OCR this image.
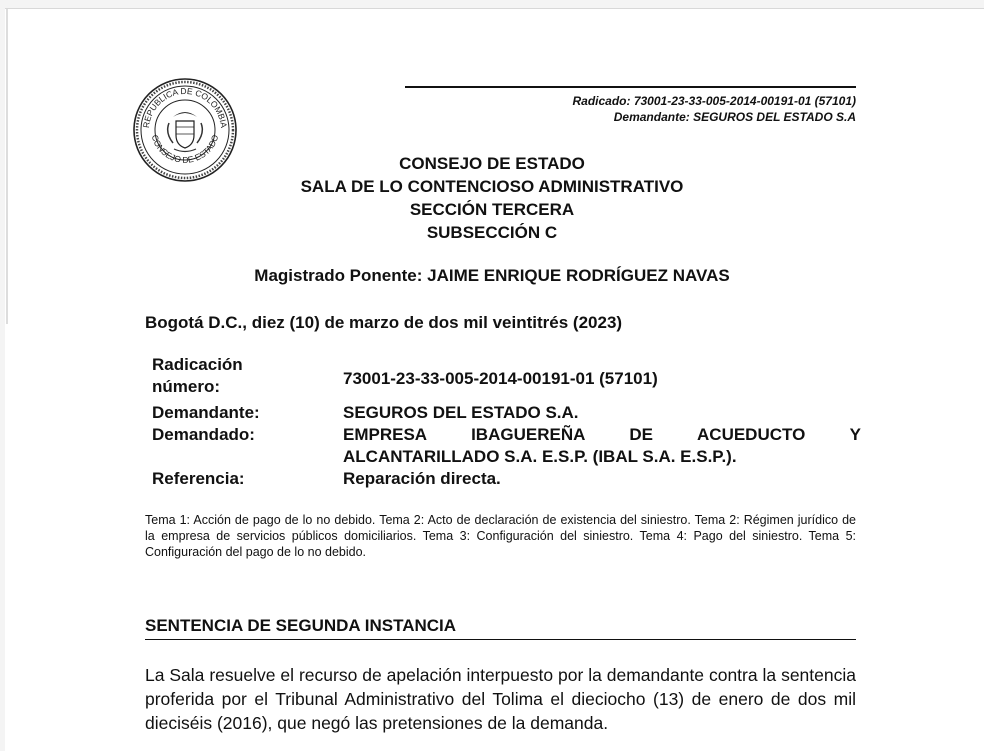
REPUBLICA DE COLOMBIA
CONSEJO DE ESTADO
Radicado: 73001-23-33-005-2014-00191-01 (57101)
Demandante: SEGUROS DEL ESTADO S.A
CONSEJO DE ESTADO
SALA DE LO CONTENCIOSO ADMINISTRATIVO
SECCIÓN TERCERA
SUBSECCIÓN C
Magistrado Ponente: JAIME ENRIQUE RODRÍGUEZ NAVAS
Bogotá D.C., diez (10) de marzo de dos mil veintitrés (2023)
Radicación
número:	73001-23-33-005-2014-00191-01 (57101)
Demandante:	SEGUROS DEL ESTADO S.A.
Demandado:	EMPRESA IBAGUEREÑA DE ACUEDUCTO Y
ALCANTARILLADO S.A. E.S.P. (IBAL S.A. E.S.P.).
Referencia:	Reparación directa.
Tema 1: Acción de pago de lo no debido. Tema 2: Acto de declaración de existencia del siniestro. Tema 2: Régimen jurídico de la empresa de servicios públicos domiciliarios. Tema 3: Configuración del siniestro. Tema 4: Pago del siniestro. Tema 5: Configuración del pago de lo no debido.
SENTENCIA DE SEGUNDA INSTANCIA
La Sala resuelve el recurso de apelación interpuesto por la demandante contra la sentencia proferida por el Tribunal Administrativo del Tolima el dieciocho (13) de enero de dos mil dieciséis (2016), que negó las pretensiones de la demanda.
